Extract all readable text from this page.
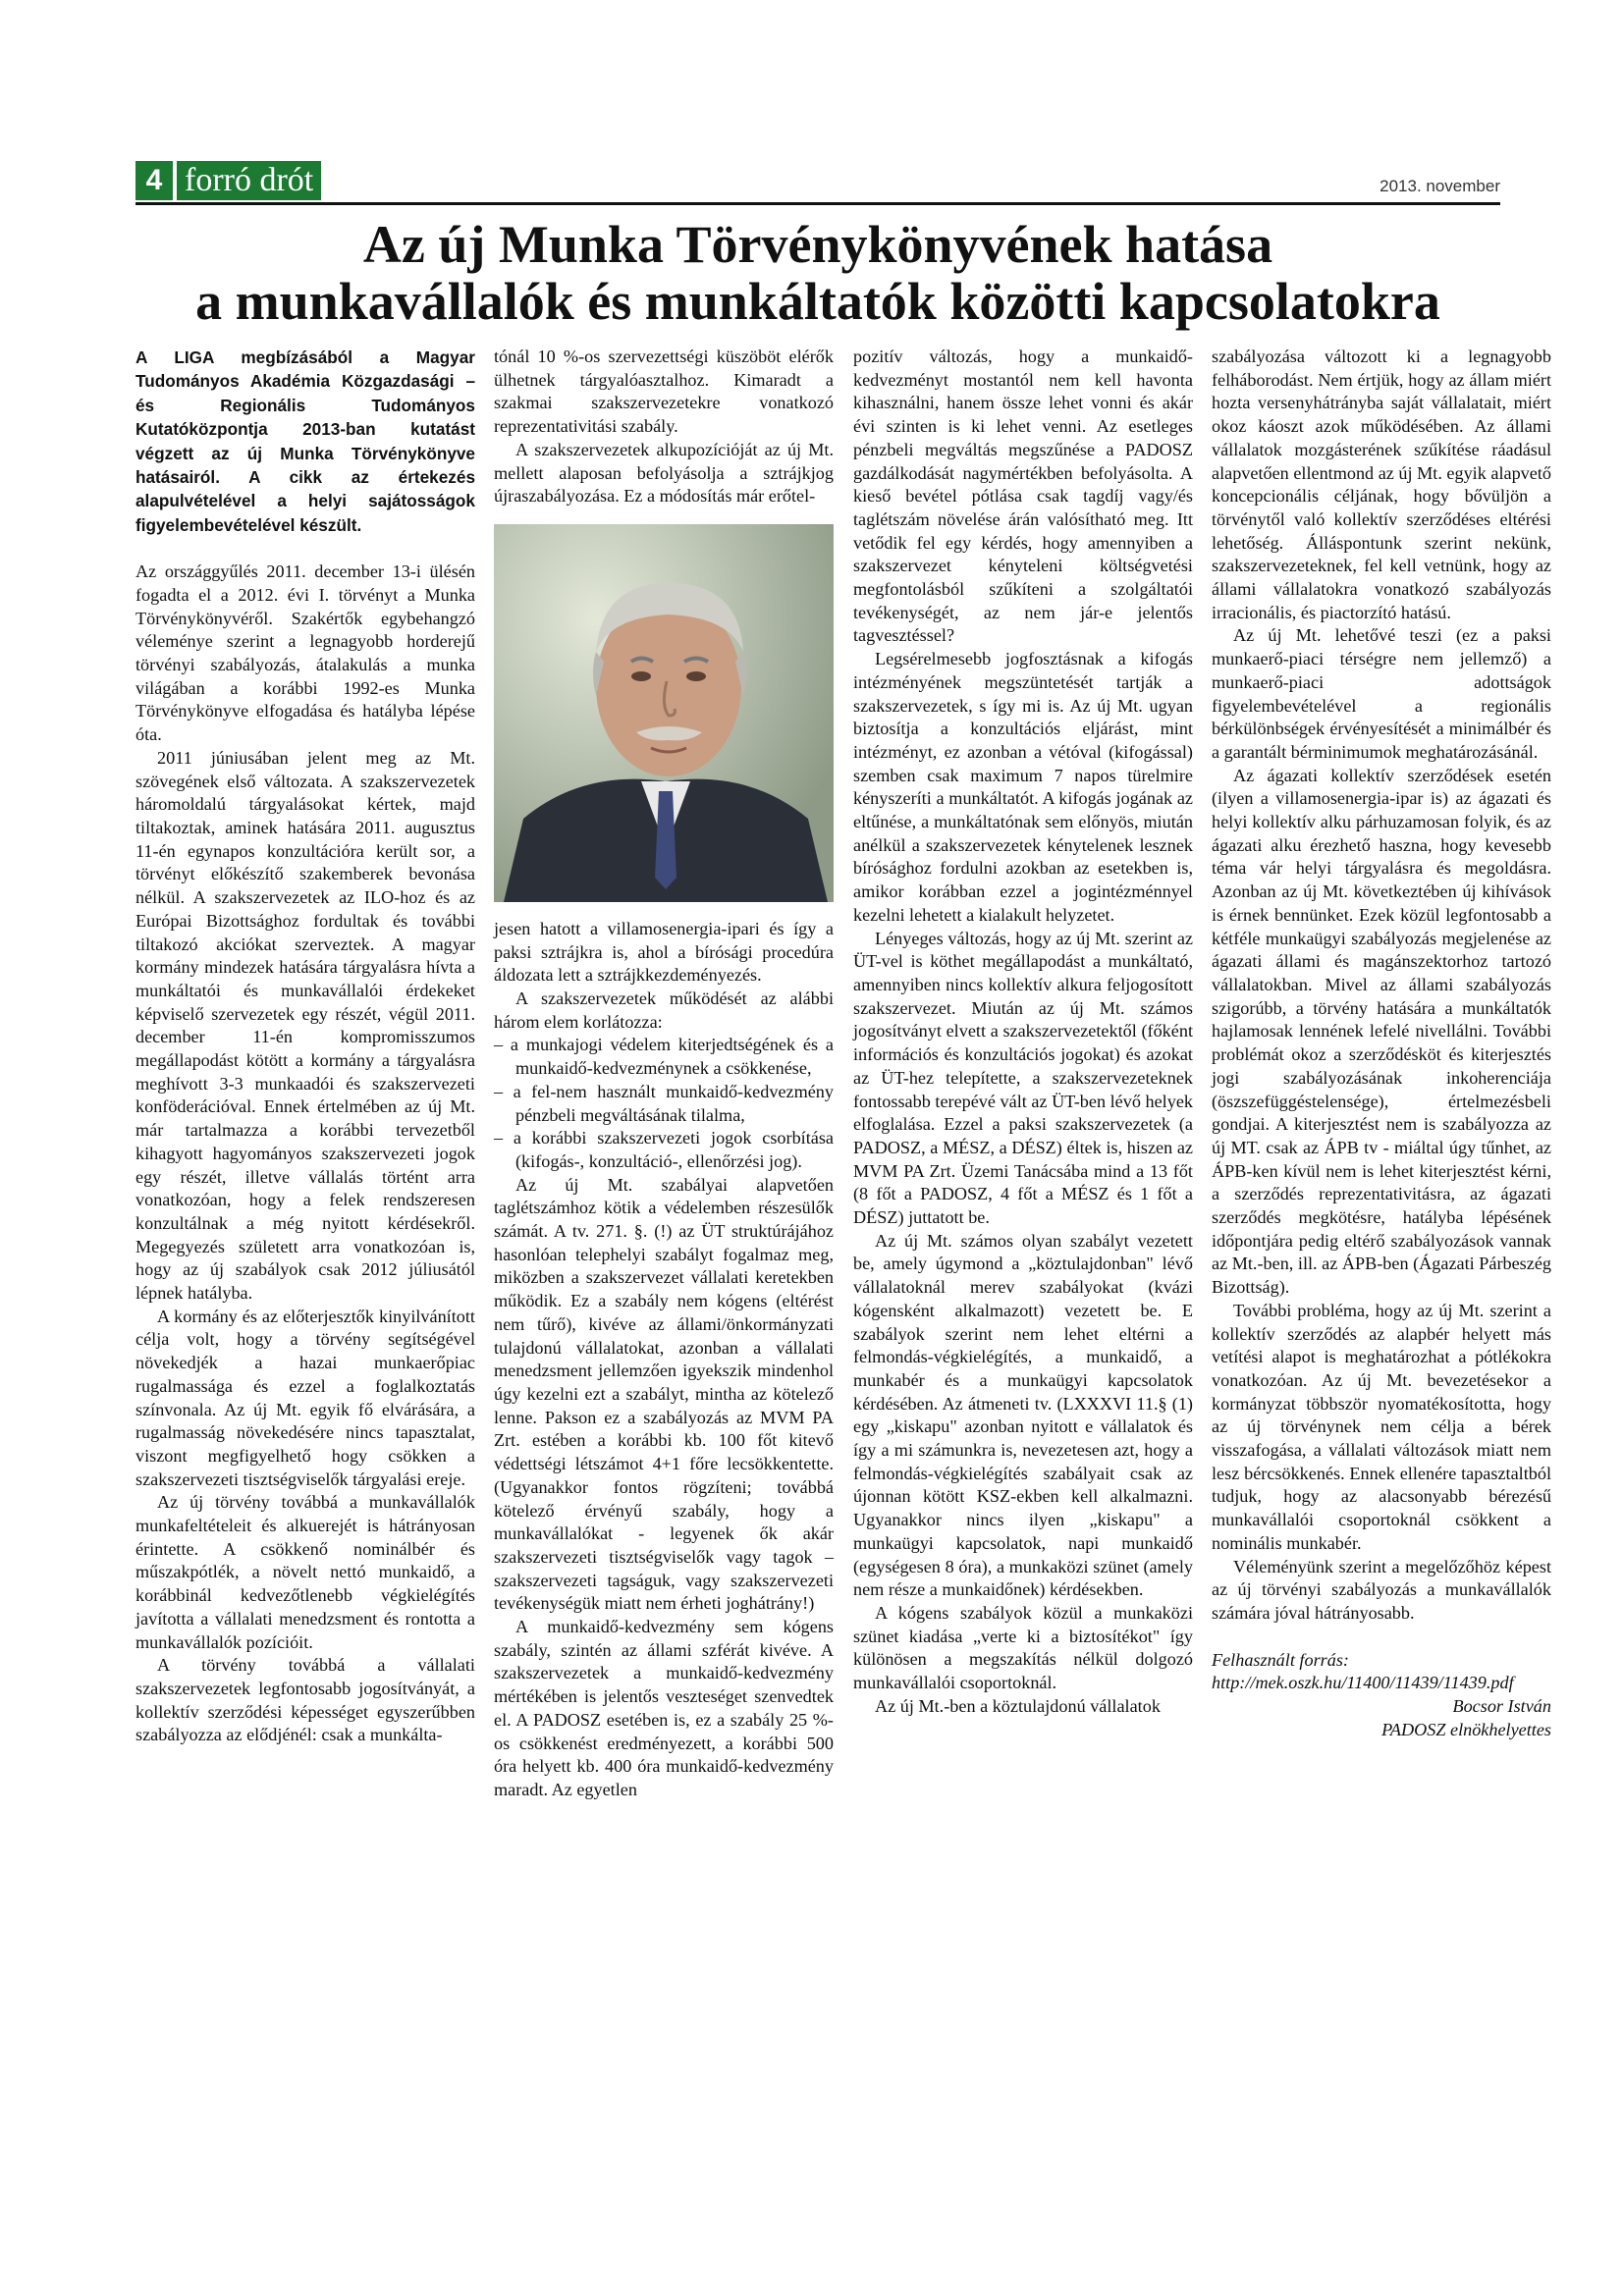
4 forró drót	2013. november
Az új Munka Törvénykönyvének hatása
a munkavállalók és munkáltatók közötti kapcsolatokra

A LIGA megbízásából a Magyar Tudományos Akadémia Közgazdasági – és Regionális Tudományos Kutatóközpontja 2013-ban kutatást végzett az új Munka Törvénykönyve hatásairól. A cikk az értekezés alapulvételével a helyi sajátosságok figyelembevételével készült.

Az országgyűlés 2011. december 13-i ülésén fogadta el a 2012. évi I. törvényt a Munka Törvénykönyvéről. Szakértők egybehangzó véleménye szerint a legnagyobb horderejű törvényi szabályozás, átalakulás a munka világában a korábbi 1992-es Munka Törvénykönyve elfogadása és hatályba lépése óta.

2011 júniusában jelent meg az Mt. szövegének első változata. A szakszervezetek háromoldalú tárgyalásokat kértek, majd tiltakoztak, aminek hatására 2011. augusztus 11-én egynapos konzultációra került sor, a törvényt előkészítő szakemberek bevonása nélkül. A szakszervezetek az ILO-hoz és az Európai Bizottsághoz fordultak és további tiltakozó akciókat szerveztek. A magyar kormány mindezek hatására tárgyalásra hívta a munkáltatói és munkavállalói érdekeket képviselő szervezetek egy részét, végül 2011. december 11-én kompromisszumos megállapodást kötött a kormány a tárgyalásra meghívott 3-3 munkaadói és szakszervezeti konföderációval. Ennek értelmében az új Mt. már tartalmazza a korábbi tervezetből kihagyott hagyományos szakszervezeti jogok egy részét, illetve vállalás történt arra vonatkozóan, hogy a felek rendszeresen konzultálnak a még nyitott kérdésekről. Megegyezés született arra vonatkozóan is, hogy az új szabályok csak 2012 júliusától lépnek hatályba.

A kormány és az előterjesztők kinyilvánított célja volt, hogy a törvény segítségével növekedjék a hazai munkaerőpiac rugalmassága és ezzel a foglalkoztatás színvonala. Az új Mt. egyik fő elvárására, a rugalmasság növekedésére nincs tapasztalat, viszont megfigyelhető hogy csökken a szakszervezeti tisztségviselők tárgyalási ereje.

Az új törvény továbbá a munkavállalók munkafeltételeit és alkuerejét is hátrányosan érintette. A csökkenő nominálbér és műszakpótlék, a növelt nettó munkaidő, a korábbinál kedvezőtlenebb végkielégítés javította a vállalati menedzsment és rontotta a munkavállalók pozícióit.

A törvény továbbá a vállalati szakszervezetek legfontosabb jogosítványát, a kollektív szerződési képességet egyszerűbben szabályozza az elődjénél: csak a munkálta-

tónál 10 %-os szervezettségi küszöböt elérők ülhetnek tárgyalóasztalhoz. Kimaradt a szakmai szakszervezetekre vonatkozó reprezentativitási szabály.

A szakszervezetek alkupozícióját az új Mt. mellett alaposan befolyásolja a sztrájkjog újraszabályozása. Ez a módosítás már erőtel-

jesen hatott a villamosenergia-ipari és így a paksi sztrájkra is, ahol a bírósági procedúra áldozata lett a sztrájkkezdeményezés.

A szakszervezetek működését az alábbi három elem korlátozza:

– a munkajogi védelem kiterjedtségének és a munkaidő-kedvezménynek a csökkenése,

– a fel-nem használt munkaidő-kedvezmény pénzbeli megváltásának tilalma,

– a korábbi szakszervezeti jogok csorbítása (kifogás-, konzultáció-, ellenőrzési jog).

Az új Mt. szabályai alapvetően taglétszámhoz kötik a védelemben részesülők számát. A tv. 271. §. (!) az ÜT struktúrájához hasonlóan telephelyi szabályt fogalmaz meg, miközben a szakszervezet vállalati keretekben működik. Ez a szabály nem kógens (eltérést nem tűrő), kivéve az állami/önkormányzati tulajdonú vállalatokat, azonban a vállalati menedzsment jellemzően igyekszik mindenhol úgy kezelni ezt a szabályt, mintha az kötelező lenne. Pakson ez a szabályozás az MVM PA Zrt. estében a korábbi kb. 100 főt kitevő védettségi létszámot 4+1 főre lecsökkentette. (Ugyanakkor fontos rögzíteni; továbbá kötelező érvényű szabály, hogy a munkavállalókat - legyenek ők akár szakszervezeti tisztségviselők vagy tagok – szakszervezeti tagságuk, vagy szakszervezeti tevékenységük miatt nem érheti joghátrány!)

A munkaidő-kedvezmény sem kógens szabály, szintén az állami szférát kivéve. A szakszervezetek a munkaidő-kedvezmény mértékében is jelentős veszteséget szenvedtek el. A PADOSZ esetében is, ez a szabály 25 %-os csökkenést eredményezett, a korábbi 500 óra helyett kb. 400 óra munkaidő-kedvezmény maradt. Az egyetlen

pozitív változás, hogy a munkaidő-kedvezményt mostantól nem kell havonta kihasználni, hanem össze lehet vonni és akár évi szinten is ki lehet venni. Az esetleges pénzbeli megváltás megszűnése a PADOSZ gazdálkodását nagymértékben befolyásolta. A kieső bevétel pótlása csak tagdíj vagy/és taglétszám növelése árán valósítható meg. Itt vetődik fel egy kérdés, hogy amennyiben a szakszervezet kényteleni költségvetési megfontolásból szűkíteni a szolgáltatói tevékenységét, az nem jár-e jelentős tagvesztéssel?

Legsérelmesebb jogfosztásnak a kifogás intézményének megszüntetését tartják a szakszervezetek, s így mi is. Az új Mt. ugyan biztosítja a konzultációs eljárást, mint intézményt, ez azonban a vétóval (kifogással) szemben csak maximum 7 napos türelmire kényszeríti a munkáltatót. A kifogás jogának az eltűnése, a munkáltatónak sem előnyös, miután anélkül a szakszervezetek kénytelenek lesznek bírósághoz fordulni azokban az esetekben is, amikor korábban ezzel a jogintézménnyel kezelni lehetett a kialakult helyzetet.

Lényeges változás, hogy az új Mt. szerint az ÜT-vel is köthet megállapodást a munkáltató, amennyiben nincs kollektív alkura feljogosított szakszervezet. Miután az új Mt. számos jogosítványt elvett a szakszervezetektől (főként információs és konzultációs jogokat) és azokat az ÜT-hez telepítette, a szakszervezeteknek fontossabb terepévé vált az ÜT-ben lévő helyek elfoglalása. Ezzel a paksi szakszervezetek (a PADOSZ, a MÉSZ, a DÉSZ) éltek is, hiszen az MVM PA Zrt. Üzemi Tanácsába mind a 13 főt (8 főt a PADOSZ, 4 főt a MÉSZ és 1 főt a DÉSZ) juttatott be.

Az új Mt. számos olyan szabályt vezetett be, amely úgymond a „köztulajdonban" lévő vállalatoknál merev szabályokat (kvázi kógensként alkalmazott) vezetett be. E szabályok szerint nem lehet eltérni a felmondás-végkielégítés, a munkaidő, a munkabér és a munkaügyi kapcsolatok kérdésében. Az átmeneti tv. (LXXXVI 11.§ (1) egy „kiskapu" azonban nyitott e vállalatok és így a mi számunkra is, nevezetesen azt, hogy a felmondás-végkielégítés szabályait csak az újonnan kötött KSZ-ekben kell alkalmazni. Ugyanakkor nincs ilyen „kiskapu" a munkaügyi kapcsolatok, napi munkaidő (egységesen 8 óra), a munkaközi szünet (amely nem része a munkaidőnek) kérdésekben.

A kógens szabályok közül a munkaközi szünet kiadása „verte ki a biztosítékot" így különösen a megszakítás nélkül dolgozó munkavállalói csoportoknál.

Az új Mt.-ben a köztulajdonú vállalatok

szabályozása változott ki a legnagyobb felháborodást. Nem értjük, hogy az állam miért hozta versenyhátrányba saját vállalatait, miért okoz káoszt azok működésében. Az állami vállalatok mozgásterének szűkítése ráadásul alapvetően ellentmond az új Mt. egyik alapvető koncepcionális céljának, hogy bővüljön a törvénytől való kollektív szerződéses eltérési lehetőség. Álláspontunk szerint nekünk, szakszervezeteknek, fel kell vetnünk, hogy az állami vállalatokra vonatkozó szabályozás irracionális, és piactorzító hatású.

Az új Mt. lehetővé teszi (ez a paksi munkaerő-piaci térségre nem jellemző) a munkaerő-piaci adottságok figyelembevételével a regionális bérkülönbségek érvényesítését a minimálbér és a garantált bérminimumok meghatározásánál.

Az ágazati kollektív szerződések esetén (ilyen a villamosenergia-ipar is) az ágazati és helyi kollektív alku párhuzamosan folyik, és az ágazati alku érezhető haszna, hogy kevesebb téma vár helyi tárgyalásra és megoldásra. Azonban az új Mt. következtében új kihívások is érnek bennünket. Ezek közül legfontosabb a kétféle munkaügyi szabályozás megjelenése az ágazati állami és magánszektorhoz tartozó vállalatokban. Mivel az állami szabályozás szigorúbb, a törvény hatására a munkáltatók hajlamosak lennének lefelé nivellálni. További problémát okoz a szerződésköt és kiterjesztés jogi szabályozásának inkoherenciája (öszszefüggéstelensége), értelmezésbeli gondjai. A kiterjesztést nem is szabályozza az új MT. csak az ÁPB tv - miáltal úgy tűnhet, az ÁPB-ken kívül nem is lehet kiterjesztést kérni, a szerződés reprezentativitásra, az ágazati szerződés megkötésre, hatályba lépésének időpontjára pedig eltérő szabályozások vannak az Mt.-ben, ill. az ÁPB-ben (Ágazati Párbeszég Bizottság).

További probléma, hogy az új Mt. szerint a kollektív szerződés az alapbér helyett más vetítési alapot is meghatározhat a pótlékokra vonatkozóan. Az új Mt. bevezetésekor a kormányzat többször nyomatékosította, hogy az új törvénynek nem célja a bérek visszafogása, a vállalati változások miatt nem lesz bércsökkenés. Ennek ellenére tapasztaltból tudjuk, hogy az alacsonyabb bérezésű munkavállalói csoportoknál csökkent a nominális munkabér.

Véleményünk szerint a megelőzőhöz képest az új törvényi szabályozás a munkavállalók számára jóval hátrányosabb.

Felhasznált forrás:

http://mek.oszk.hu/11400/11439/11439.pdf

Bocsor István

PADOSZ elnökhelyettes
